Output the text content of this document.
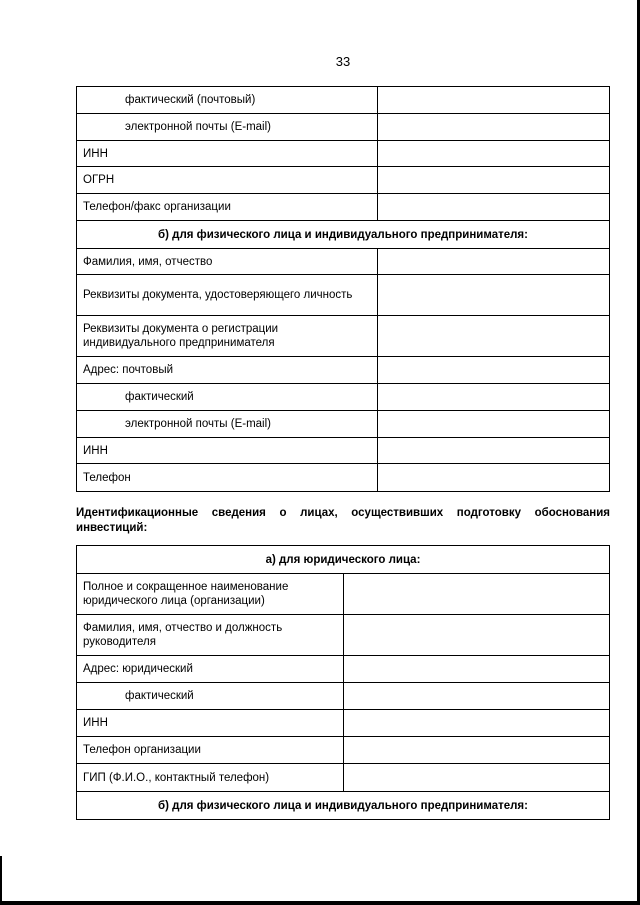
33
фактический (почтовый)	
электронной почты (E-mail)	
ИНН	
ОГРН	
Телефон/факс организации	
б) для физического лица и индивидуального предпринимателя:	
Фамилия, имя, отчество	
Реквизиты документа, удостоверяющего личность	
Реквизиты документа о регистрации индивидуального предпринимателя	
Адрес: почтовый	
фактический	
электронной почты (E-mail)	
ИНН	
Телефон	
Идентификационные сведения о лицах, осуществивших подготовку обоснования инвестиций:
а) для юридического лица:	
Полное и сокращенное наименование юридического лица (организации)	
Фамилия, имя, отчество и должность руководителя	
Адрес: юридический	
фактический	
ИНН	
Телефон организации	
ГИП (Ф.И.О., контактный телефон)	
б) для физического лица и индивидуального предпринимателя:	
